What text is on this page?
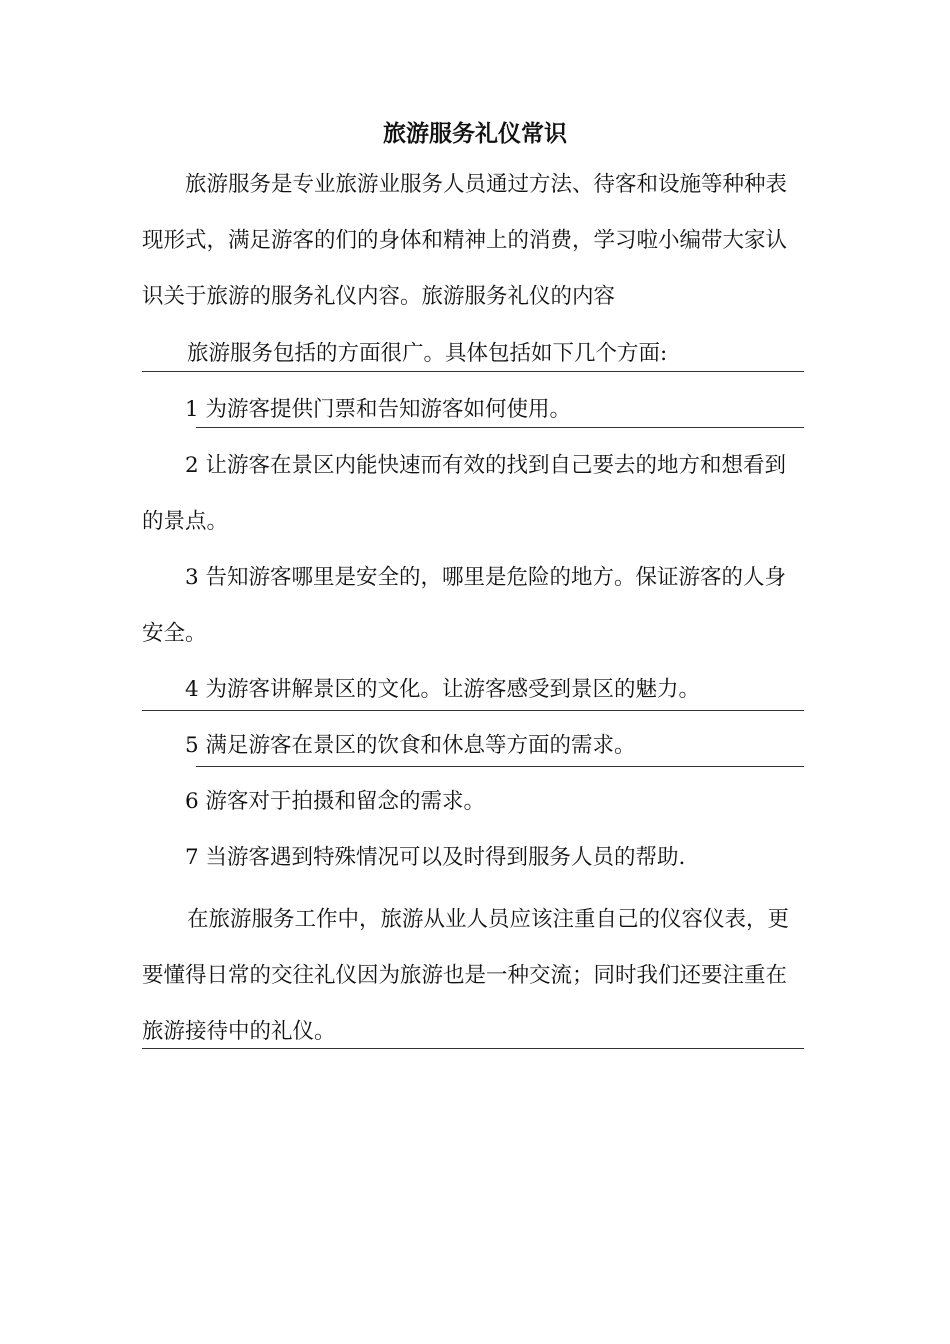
旅游服务礼仪常识

旅游服务是专业旅游业服务人员通过方法、待客和设施等种种表现形式，满足游客的们的身体和精神上的消费，学习啦小编带大家认识关于旅游的服务礼仪内容。旅游服务礼仪的内容

旅游服务包括的方面很广。具体包括如下几个方面:

1 为游客提供门票和告知游客如何使用。

2 让游客在景区内能快速而有效的找到自己要去的地方和想看到的景点。

3 告知游客哪里是安全的，哪里是危险的地方。保证游客的人身安全。

4 为游客讲解景区的文化。让游客感受到景区的魅力。

5 满足游客在景区的饮食和休息等方面的需求。

6 游客对于拍摄和留念的需求。

7 当游客遇到特殊情况可以及时得到服务人员的帮助.

在旅游服务工作中，旅游从业人员应该注重自己的仪容仪表，更要懂得日常的交往礼仪因为旅游也是一种交流；同时我们还要注重在旅游接待中的礼仪。
